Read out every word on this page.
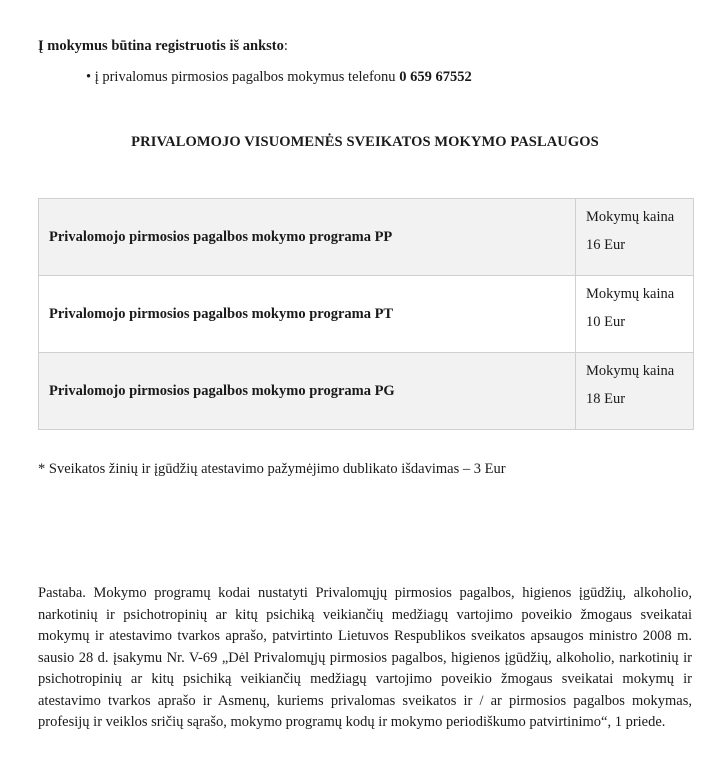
Į mokymus būtina registruotis iš anksto:
• į privalomus pirmosios pagalbos mokymus telefonu 0 659 67552
PRIVALOMOJO VISUOMENĖS SVEIKATOS MOKYMO PASLAUGOS
Privalomojo pirmosios pagalbos mokymo programa PP	Mokymų kaina
16 Eur

Privalomojo pirmosios pagalbos mokymo programa PT	Mokymų kaina
10 Eur

Privalomojo pirmosios pagalbos mokymo programa PG	Mokymų kaina
18 Eur
* Sveikatos žinių ir įgūdžių atestavimo pažymėjimo dublikato išdavimas – 3 Eur
Pastaba. Mokymo programų kodai nustatyti Privalomųjų pirmosios pagalbos, higienos įgūdžių, alkoholio, narkotinių ir psichotropinių ar kitų psichiką veikiančių medžiagų vartojimo poveikio žmogaus sveikatai mokymų ir atestavimo tvarkos aprašo, patvirtinto Lietuvos Respublikos sveikatos apsaugos ministro 2008 m. sausio 28 d. įsakymu Nr. V-69 „Dėl Privalomųjų pirmosios pagalbos, higienos įgūdžių, alkoholio, narkotinių ir psichotropinių ar kitų psichiką veikiančių medžiagų vartojimo poveikio žmogaus sveikatai mokymų ir atestavimo tvarkos aprašo ir Asmenų, kuriems privalomas sveikatos ir / ar pirmosios pagalbos mokymas, profesijų ir veiklos sričių sąrašo, mokymo programų kodų ir mokymo periodiškumo patvirtinimo“, 1 priede.
